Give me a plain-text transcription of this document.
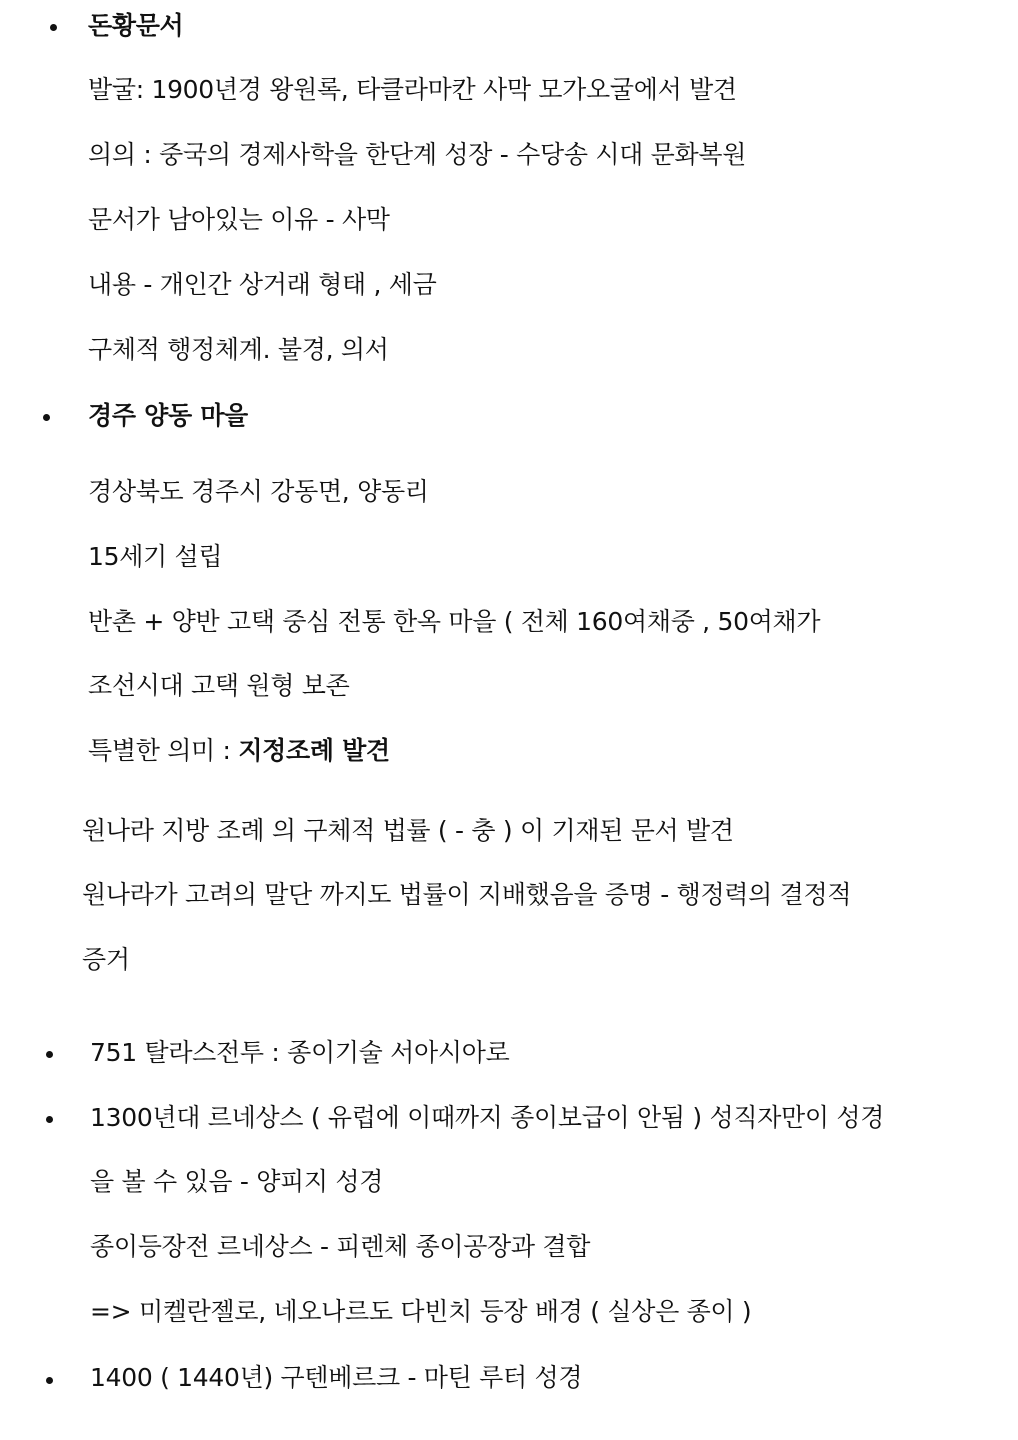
돈황문서
발굴: 1900년경 왕원록, 타클라마칸 사막 모가오굴에서 발견
의의 : 중국의 경제사학을 한단계 성장 - 수당송 시대 문화복원
문서가 남아있는 이유 - 사막
내용 - 개인간 상거래 형태 , 세금
구체적 행정체계. 불경, 의서
경주 양동 마을
경상북도 경주시 강동면, 양동리
15세기 설립
반촌 + 양반 고택 중심 전통 한옥 마을 ( 전체 160여채중 , 50여채가
조선시대 고택 원형 보존
특별한 의미 : 지정조례 발견
원나라 지방 조례 의 구체적 법률 ( - 충 ) 이 기재된 문서 발견
원나라가 고려의 말단 까지도 법률이 지배했음을 증명 - 행정력의 결정적
증거
751 탈라스전투 : 종이기술 서아시아로
1300년대 르네상스 ( 유럽에 이때까지 종이보급이 안됨 ) 성직자만이 성경
을 볼 수 있음 - 양피지 성경
종이등장전 르네상스 - 피렌체 종이공장과 결합
=> 미켈란젤로, 네오나르도 다빈치 등장 배경 ( 실상은 종이 )
1400 ( 1440년) 구텐베르크 - 마틴 루터 성경
